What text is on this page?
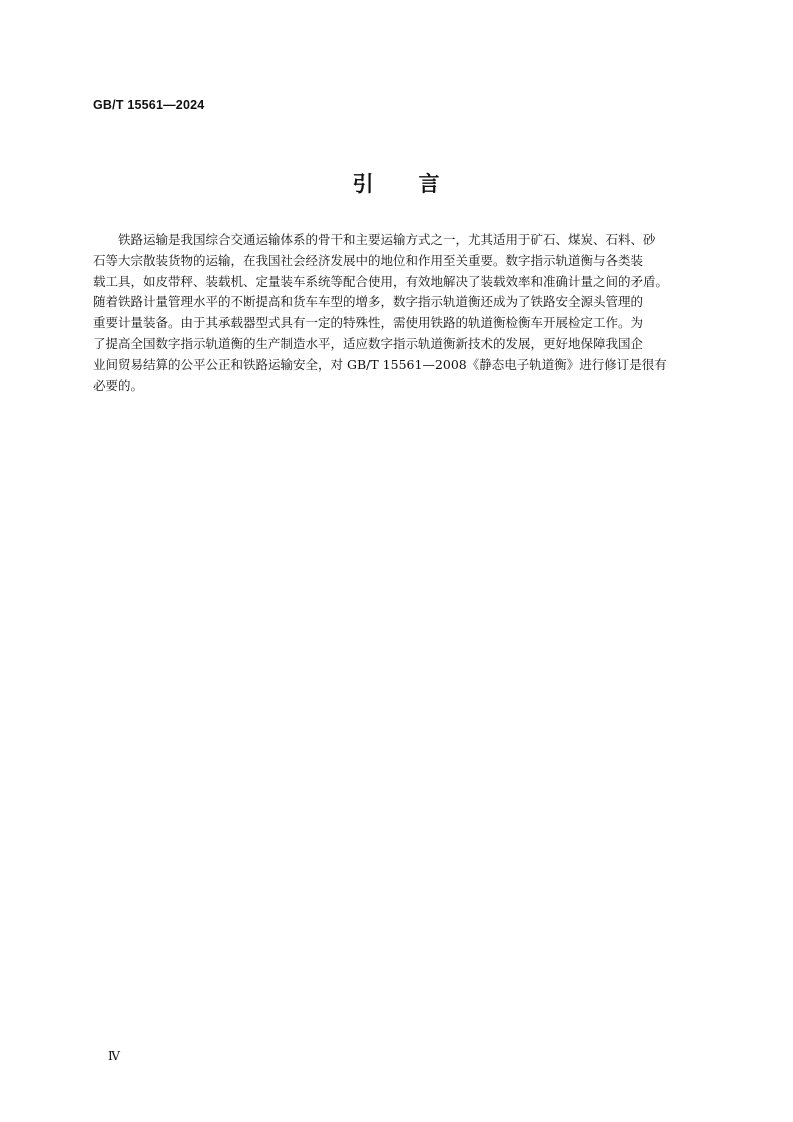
GB/T 15561—2024
引　　言
　　铁路运输是我国综合交通运输体系的骨干和主要运输方式之一，尤其适用于矿石、煤炭、石料、砂
石等大宗散装货物的运输，在我国社会经济发展中的地位和作用至关重要。数字指示轨道衡与各类装
载工具，如皮带秤、装载机、定量装车系统等配合使用，有效地解决了装载效率和准确计量之间的矛盾。
随着铁路计量管理水平的不断提高和货车车型的增多，数字指示轨道衡还成为了铁路安全源头管理的
重要计量装备。由于其承载器型式具有一定的特殊性，需使用铁路的轨道衡检衡车开展检定工作。为
了提高全国数字指示轨道衡的生产制造水平，适应数字指示轨道衡新技术的发展，更好地保障我国企
业间贸易结算的公平公正和铁路运输安全，对 GB/T 15561—2008《静态电子轨道衡》进行修订是很有
必要的。
Ⅳ
